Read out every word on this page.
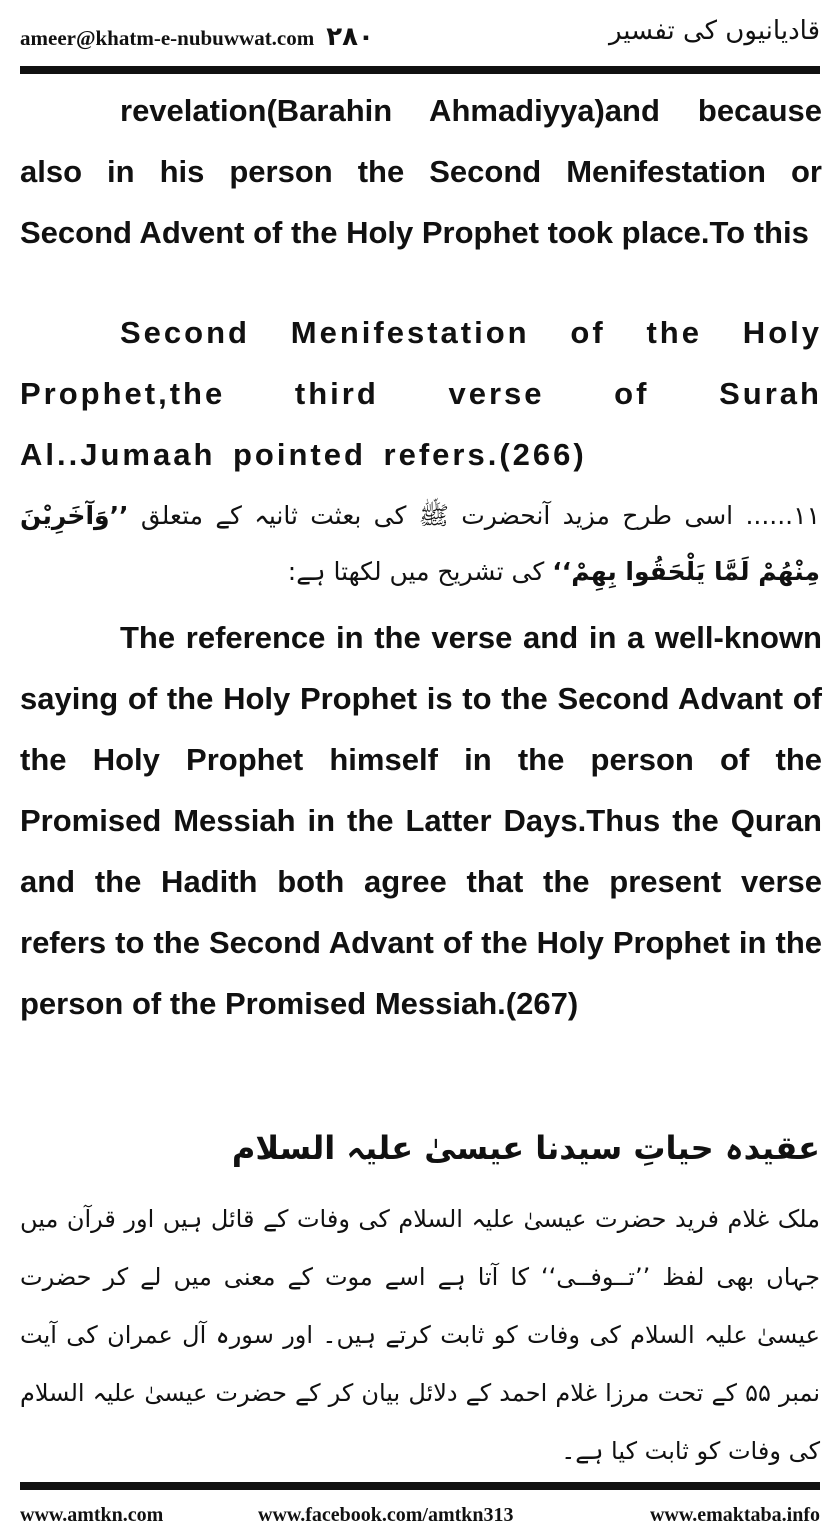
ameer@khatm-e-nubuwwat.com ۲۸۰	قادیانیوں کی تفسیر
revelation(Barahin Ahmadiyya)and because also in his person the Second Menifestation or Second Advent of the Holy Prophet took place.To this
Second Menifestation of the Holy Prophet,the third verse of Surah Al..Jumaah pointed refers.(266)
۱۱...... اسی طرح مزید آنحضرت ﷺ کی بعثت ثانیہ کے متعلق ’’وَآخَرِيْنَ مِنْهُمْ لَمَّا يَلْحَقُوا بِهِمْ‘‘ کی تشریح میں لکھتا ہے:
The reference in the verse and in a well-known saying of the Holy Prophet is to the Second Advant of the Holy Prophet himself in the person of the Promised Messiah in the Latter Days.Thus the Quran and the Hadith both agree that the present verse refers to the Second Advant of the Holy Prophet in the person of the Promised Messiah.(267)
عقیدہ حیاتِ سیدنا عیسیٰ علیہ السلام
ملک غلام فرید حضرت عیسیٰ علیہ السلام کی وفات کے قائل ہیں اور قرآن میں جہاں بھی لفظ ’’تــوفــی‘‘ کا آتا ہے اسے موت کے معنی میں لے کر حضرت عیسیٰ علیہ السلام کی وفات کو ثابت کرتے ہیں۔ اور سورہ آل عمران کی آیت نمبر ۵۵ کے تحت مرزا غلام احمد کے دلائل بیان کر کے حضرت عیسیٰ علیہ السلام کی وفات کو ثابت کیا ہے۔
www.amtkn.com	www.facebook.com/amtkn313	www.emaktaba.info
